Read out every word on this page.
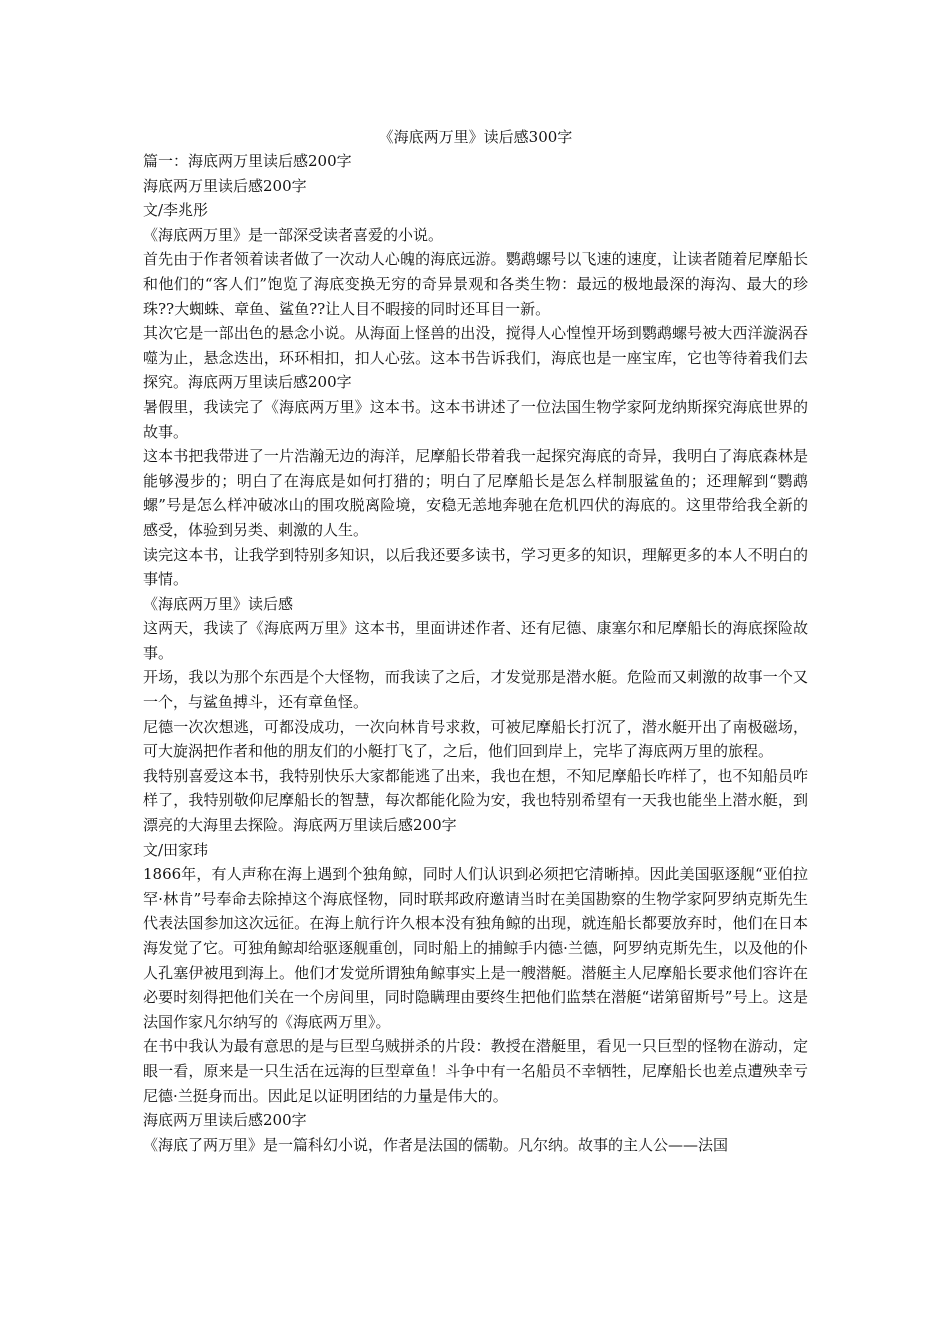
《海底两万里》读后感300字

篇一：海底两万里读后感200字

海底两万里读后感200字

文/李兆彤

《海底两万里》是一部深受读者喜爱的小说。

首先由于作者领着读者做了一次动人心魄的海底远游。鹦鹉螺号以飞速的速度，让读者随着尼摩船长和他们的“客人们”饱览了海底变换无穷的奇异景观和各类生物：最远的极地最深的海沟、最大的珍珠??大蜘蛛、章鱼、鲨鱼??让人目不暇接的同时还耳目一新。

其次它是一部出色的悬念小说。从海面上怪兽的出没，搅得人心惶惶开场到鹦鹉螺号被大西洋漩涡吞噬为止，悬念迭出，环环相扣，扣人心弦。这本书告诉我们，海底也是一座宝库，它也等待着我们去探究。海底两万里读后感200字

暑假里，我读完了《海底两万里》这本书。这本书讲述了一位法国生物学家阿龙纳斯探究海底世界的故事。

这本书把我带进了一片浩瀚无边的海洋，尼摩船长带着我一起探究海底的奇异，我明白了海底森林是能够漫步的；明白了在海底是如何打猎的；明白了尼摩船长是怎么样制服鲨鱼的；还理解到“鹦鹉螺”号是怎么样冲破冰山的围攻脱离险境，安稳无恙地奔驰在危机四伏的海底的。这里带给我全新的感受，体验到另类、刺激的人生。

读完这本书，让我学到特别多知识，以后我还要多读书，学习更多的知识，理解更多的本人不明白的事情。

《海底两万里》读后感

这两天，我读了《海底两万里》这本书，里面讲述作者、还有尼德、康塞尔和尼摩船长的海底探险故事。

开场，我以为那个东西是个大怪物，而我读了之后，才发觉那是潜水艇。危险而又刺激的故事一个又一个，与鲨鱼搏斗，还有章鱼怪。

尼德一次次想逃，可都没成功，一次向林肯号求救，可被尼摩船长打沉了，潜水艇开出了南极磁场，可大旋涡把作者和他的朋友们的小艇打飞了，之后，他们回到岸上，完毕了海底两万里的旅程。

我特别喜爱这本书，我特别快乐大家都能逃了出来，我也在想，不知尼摩船长咋样了，也不知船员咋样了，我特别敬仰尼摩船长的智慧，每次都能化险为安，我也特别希望有一天我也能坐上潜水艇，到漂亮的大海里去探险。海底两万里读后感200字

文/田家玮

1866年，有人声称在海上遇到个独角鲸，同时人们认识到必须把它清晰掉。因此美国驱逐舰“亚伯拉罕·林肯”号奉命去除掉这个海底怪物，同时联邦政府邀请当时在美国勘察的生物学家阿罗纳克斯先生代表法国参加这次远征。在海上航行许久根本没有独角鲸的出现，就连船长都要放弃时，他们在日本海发觉了它。可独角鲸却给驱逐舰重创，同时船上的捕鲸手内德·兰德，阿罗纳克斯先生，以及他的仆人孔塞伊被甩到海上。他们才发觉所谓独角鲸事实上是一艘潜艇。潜艇主人尼摩船长要求他们容许在必要时刻得把他们关在一个房间里，同时隐瞒理由要终生把他们监禁在潜艇“诺第留斯号”号上。这是法国作家凡尔纳写的《海底两万里》。

在书中我认为最有意思的是与巨型乌贼拼杀的片段：教授在潜艇里，看见一只巨型的怪物在游动，定眼一看，原来是一只生活在远海的巨型章鱼！斗争中有一名船员不幸牺牲，尼摩船长也差点遭殃幸亏尼德·兰挺身而出。因此足以证明团结的力量是伟大的。

海底两万里读后感200字

《海底了两万里》是一篇科幻小说，作者是法国的儒勒。凡尔纳。故事的主人公——法国
